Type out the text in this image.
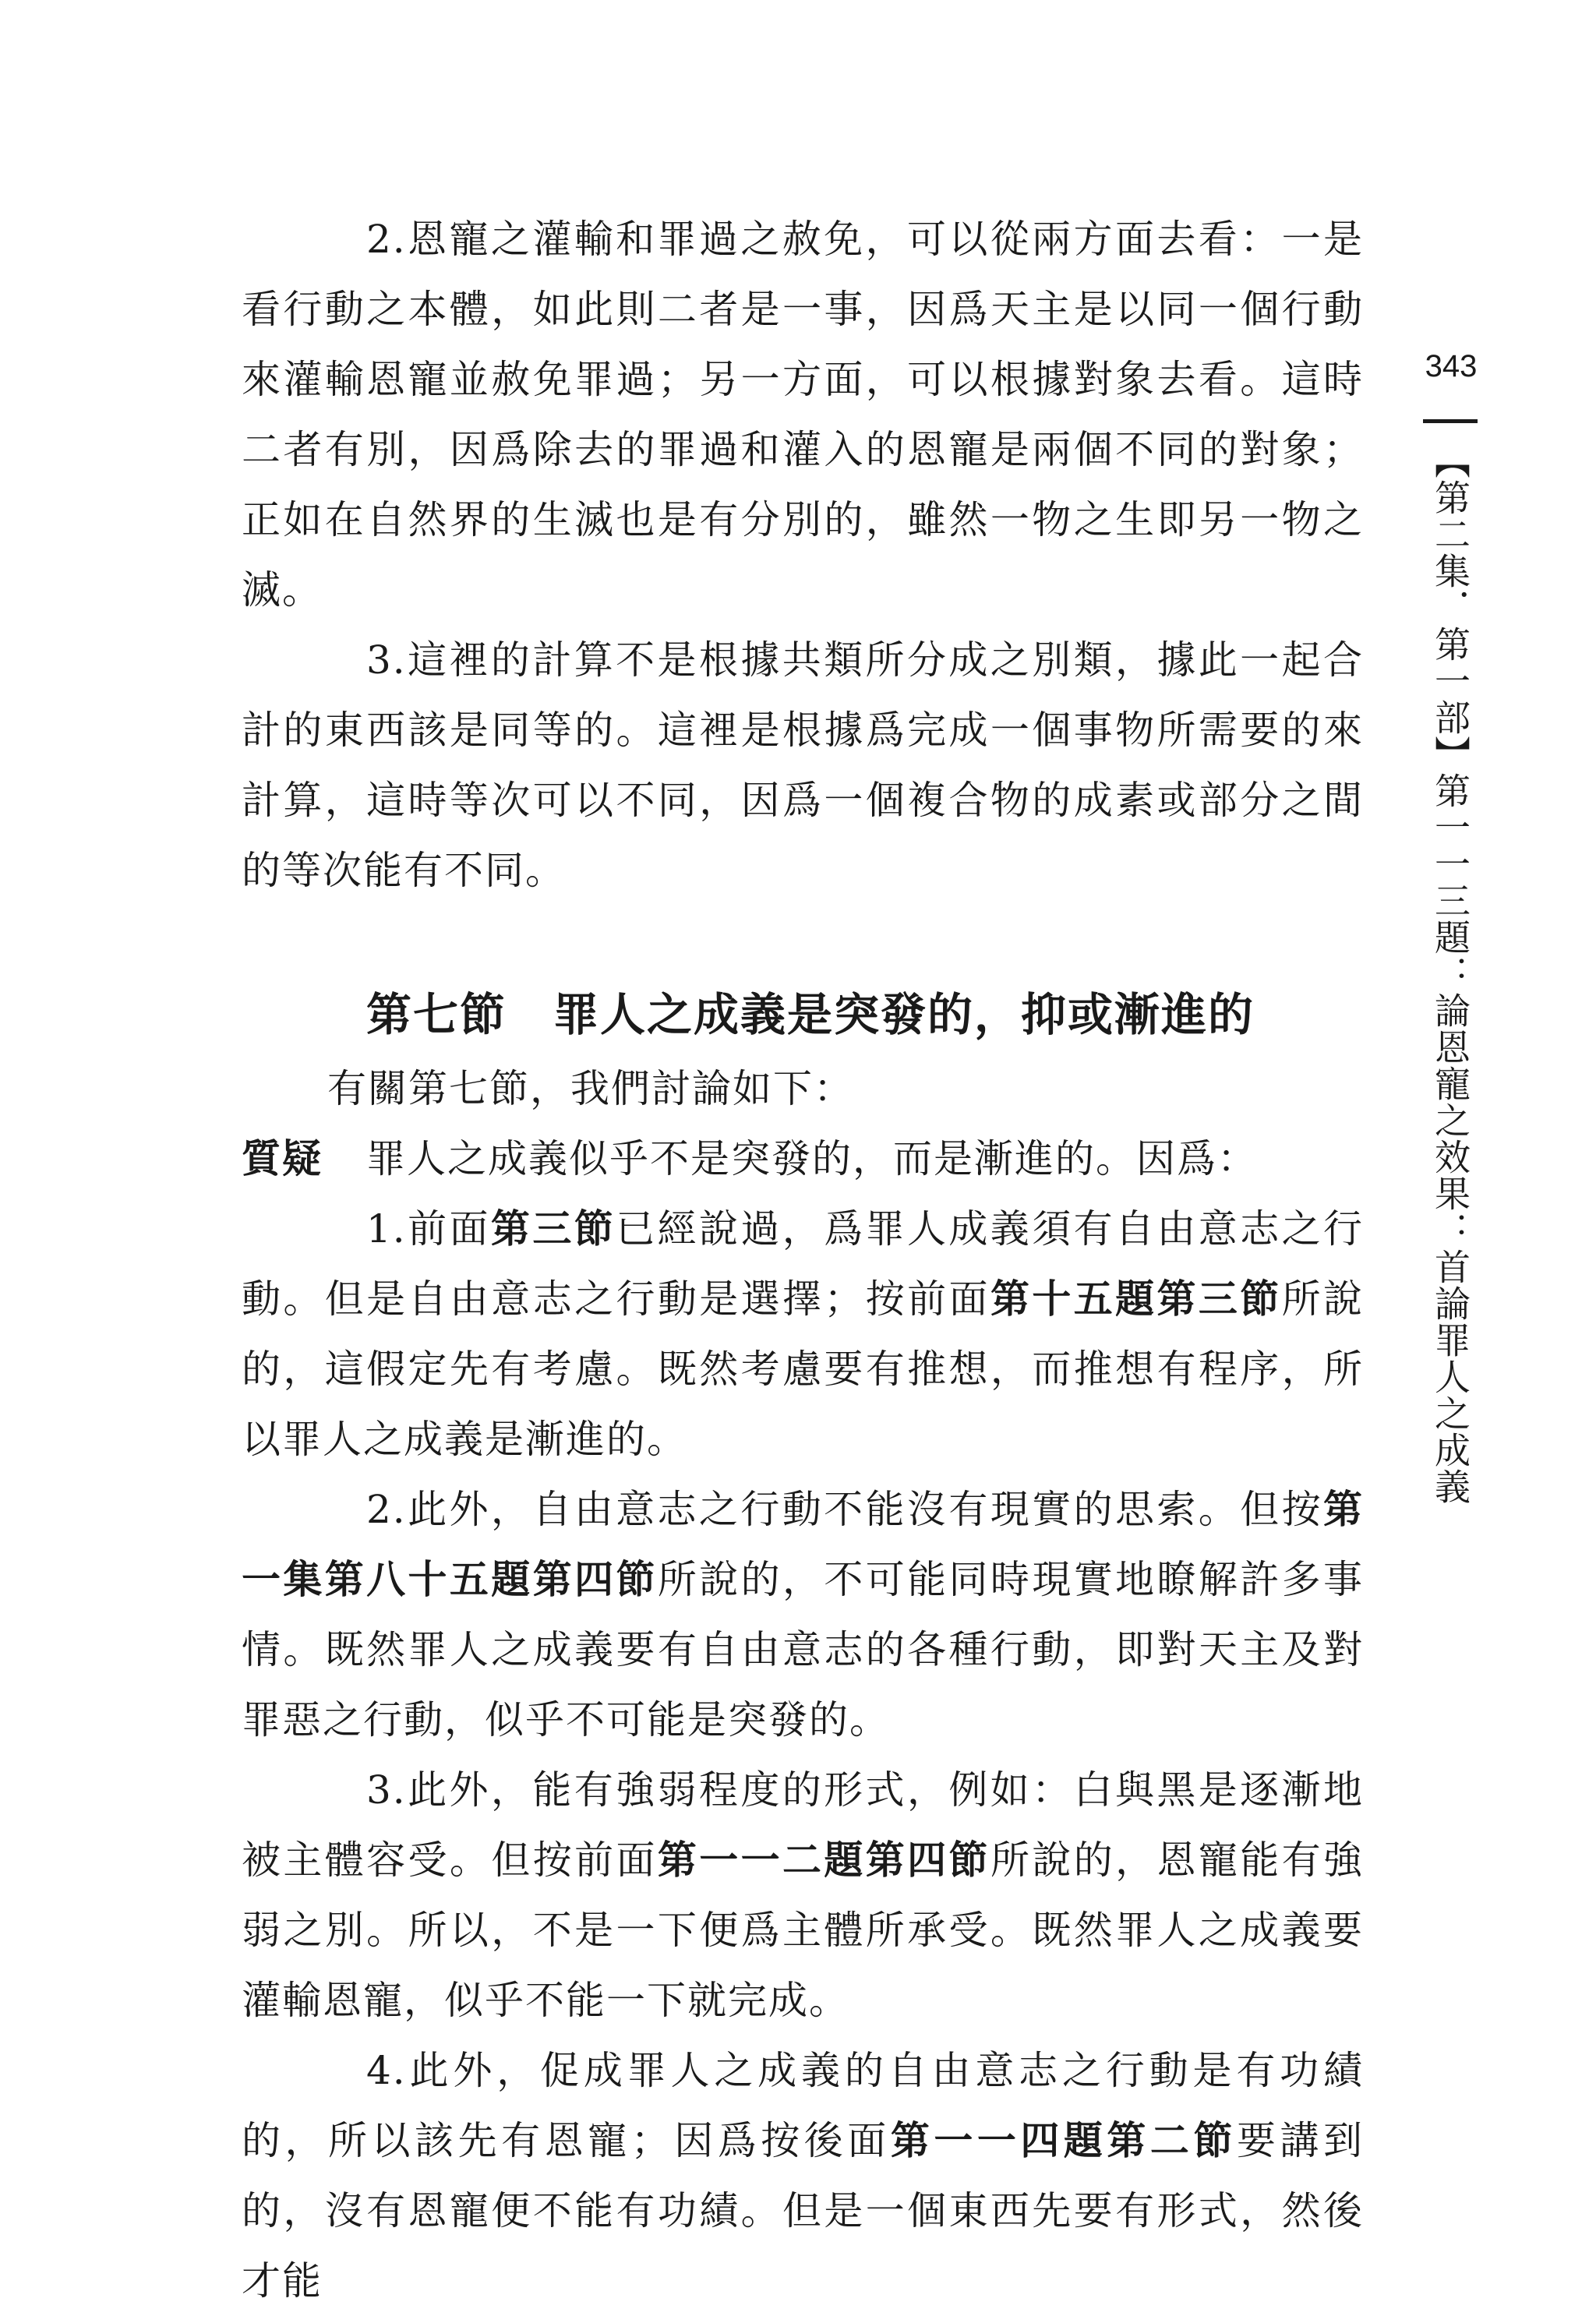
343
【第二集．第一部】第一一三題：論恩寵之效果：首論罪人之成義

2.恩寵之灌輸和罪過之赦免，可以從兩方面去看：一是看行動之本體，如此則二者是一事，因爲天主是以同一個行動來灌輸恩寵並赦免罪過；另一方面，可以根據對象去看。這時二者有別，因爲除去的罪過和灌入的恩寵是兩個不同的對象；正如在自然界的生滅也是有分別的，雖然一物之生即另一物之滅。

3.這裡的計算不是根據共類所分成之別類，據此一起合計的東西該是同等的。這裡是根據爲完成一個事物所需要的來計算，這時等次可以不同，因爲一個複合物的成素或部分之間的等次能有不同。

第七節 罪人之成義是突發的，抑或漸進的

有關第七節，我們討論如下：

質疑	罪人之成義似乎不是突發的，而是漸進的。因爲：

1.前面第三節已經說過，爲罪人成義須有自由意志之行動。但是自由意志之行動是選擇；按前面第十五題第三節所說的，這假定先有考慮。既然考慮要有推想，而推想有程序，所以罪人之成義是漸進的。

2.此外，自由意志之行動不能沒有現實的思索。但按第一集第八十五題第四節所說的，不可能同時現實地瞭解許多事情。既然罪人之成義要有自由意志的各種行動，即對天主及對罪惡之行動，似乎不可能是突發的。

3.此外，能有強弱程度的形式，例如：白與黑是逐漸地被主體容受。但按前面第一一二題第四節所說的，恩寵能有強弱之別。所以，不是一下便爲主體所承受。既然罪人之成義要灌輸恩寵，似乎不能一下就完成。

4.此外，促成罪人之成義的自由意志之行動是有功績的，所以該先有恩寵；因爲按後面第一一四題第二節要講到的，沒有恩寵便不能有功績。但是一個東西先要有形式，然後才能
